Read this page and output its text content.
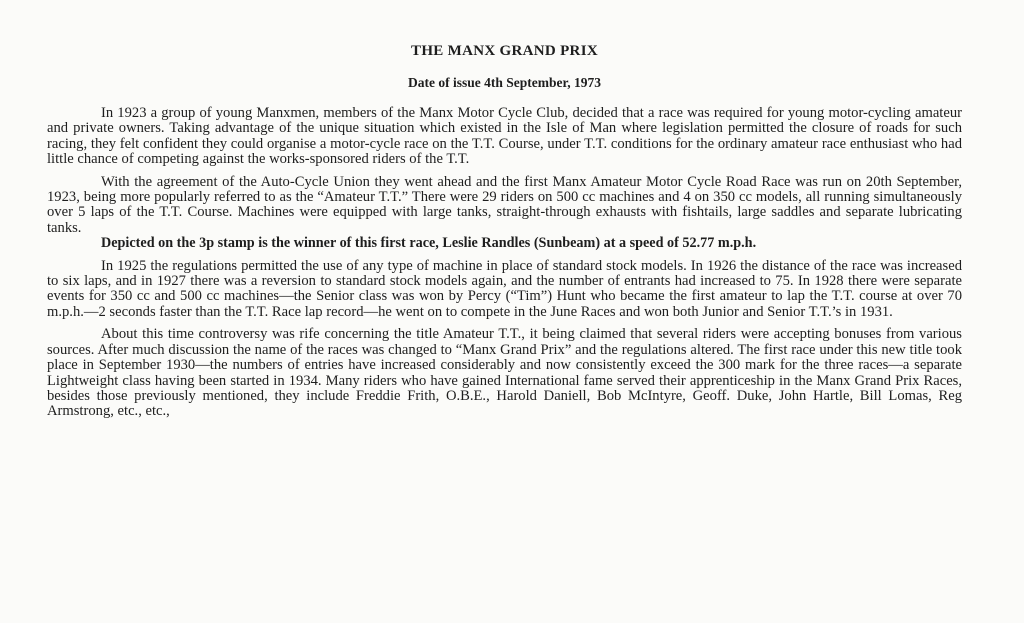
THE MANX GRAND PRIX
Date of issue 4th September, 1973

In 1923 a group of young Manxmen, members of the Manx Motor Cycle Club, decided that a race was required for young motor-cycling amateur and private owners. Taking advantage of the unique situation which existed in the Isle of Man where legislation permitted the closure of roads for such racing, they felt confident they could organise a motor-cycle race on the T.T. Course, under T.T. conditions for the ordinary amateur race enthusiast who had little chance of competing against the works-sponsored riders of the T.T.

With the agreement of the Auto-Cycle Union they went ahead and the first Manx Amateur Motor Cycle Road Race was run on 20th September, 1923, being more popularly referred to as the “Amateur T.T.” There were 29 riders on 500 cc machines and 4 on 350 cc models, all running simultaneously over 5 laps of the T.T. Course. Machines were equipped with large tanks, straight-through exhausts with fishtails, large saddles and separate lubricating tanks.

Depicted on the 3p stamp is the winner of this first race, Leslie Randles (Sunbeam) at a speed of 52.77 m.p.h.

In 1925 the regulations permitted the use of any type of machine in place of standard stock models. In 1926 the distance of the race was increased to six laps, and in 1927 there was a reversion to standard stock models again, and the number of entrants had increased to 75. In 1928 there were separate events for 350 cc and 500 cc machines—the Senior class was won by Percy (“Tim”) Hunt who became the first amateur to lap the T.T. course at over 70 m.p.h.—2 seconds faster than the T.T. Race lap record—he went on to compete in the June Races and won both Junior and Senior T.T.’s in 1931.

About this time controversy was rife concerning the title Amateur T.T., it being claimed that several riders were accepting bonuses from various sources. After much discussion the name of the races was changed to “Manx Grand Prix” and the regulations altered. The first race under this new title took place in September 1930—the numbers of entries have increased considerably and now consistently exceed the 300 mark for the three races—a separate Lightweight class having been started in 1934. Many riders who have gained International fame served their apprenticeship in the Manx Grand Prix Races, besides those previously mentioned, they include Freddie Frith, O.B.E., Harold Daniell, Bob McIntyre, Geoff. Duke, John Hartle, Bill Lomas, Reg Armstrong, etc., etc.,
